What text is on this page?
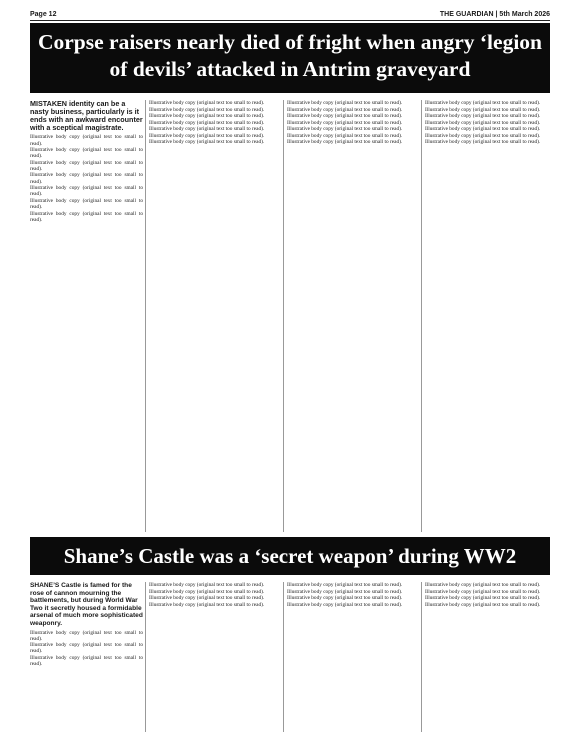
Page 12	THE GUARDIAN | 5th March 2026
Corpse raisers nearly died of fright when angry ‘legion of devils’ attacked in Antrim graveyard

MISTAKEN identity can be a nasty business, particularly is it ends with an awkward encounter with a sceptical magistrate.

Illustrative body copy (original text too small to read).

Illustrative body copy (original text too small to read).

Illustrative body copy (original text too small to read).

Illustrative body copy (original text too small to read).

Illustrative body copy (original text too small to read).

Illustrative body copy (original text too small to read).

Illustrative body copy (original text too small to read).

Illustrative body copy (original text too small to read).

Illustrative body copy (original text too small to read).

Illustrative body copy (original text too small to read).

Illustrative body copy (original text too small to read).

Illustrative body copy (original text too small to read).

Illustrative body copy (original text too small to read).

Illustrative body copy (original text too small to read).

Illustrative body copy (original text too small to read).

Illustrative body copy (original text too small to read).

Illustrative body copy (original text too small to read).

Illustrative body copy (original text too small to read).

Illustrative body copy (original text too small to read).

Illustrative body copy (original text too small to read).

Illustrative body copy (original text too small to read).

Illustrative body copy (original text too small to read).

Illustrative body copy (original text too small to read).

Illustrative body copy (original text too small to read).

Illustrative body copy (original text too small to read).

Illustrative body copy (original text too small to read).

Illustrative body copy (original text too small to read).

Illustrative body copy (original text too small to read).

Shane’s Castle was a ‘secret weapon’ during WW2

SHANE’S Castle is famed for the rose of cannon mourning the battlements, but during World War Two it secretly housed a formidable arsenal of much more sophisticated weaponry.

Illustrative body copy (original text too small to read).

Illustrative body copy (original text too small to read).

Illustrative body copy (original text too small to read).

Illustrative body copy (original text too small to read).

Illustrative body copy (original text too small to read).

Illustrative body copy (original text too small to read).

Illustrative body copy (original text too small to read).

Illustrative body copy (original text too small to read).

Illustrative body copy (original text too small to read).

Illustrative body copy (original text too small to read).

Illustrative body copy (original text too small to read).

Illustrative body copy (original text too small to read).

Illustrative body copy (original text too small to read).

Illustrative body copy (original text too small to read).

Illustrative body copy (original text too small to read).
